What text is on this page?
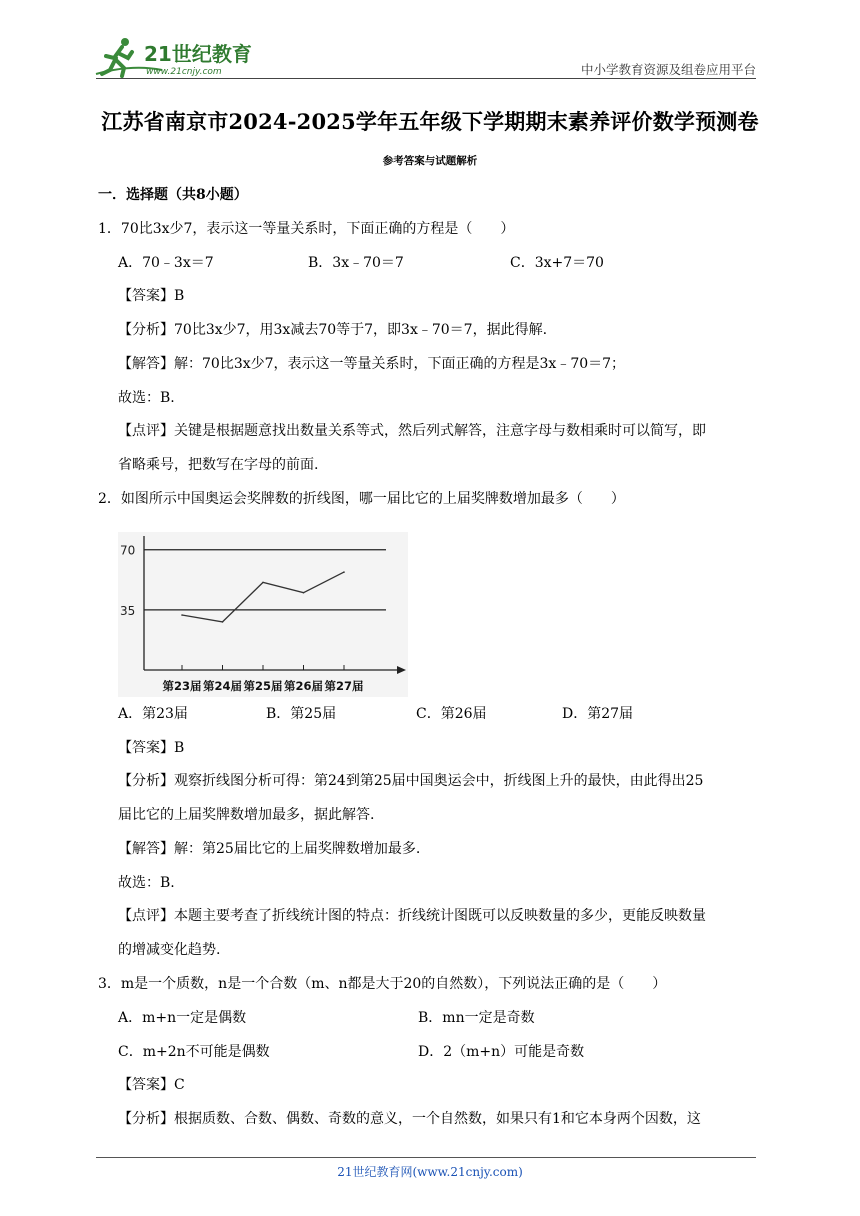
21世纪教育
www.21cnjy.com	中小学教育资源及组卷应用平台
江苏省南京市2024-2025学年五年级下学期期末素养评价数学预测卷
参考答案与试题解析
一．选择题（共8小题）
1．70比3x少7，表示这一等量关系时，下面正确的方程是（　　）
A．70﹣3x＝7	B．3x﹣70＝7	C．3x+7＝70
【答案】B
【分析】70比3x少7，用3x减去70等于7，即3x﹣70＝7，据此得解.
【解答】解：70比3x少7，表示这一等量关系时，下面正确的方程是3x﹣70＝7；
故选：B.
【点评】关键是根据题意找出数量关系等式，然后列式解答，注意字母与数相乘时可以简写，即
省略乘号，把数写在字母的前面.
2．如图所示中国奥运会奖牌数的折线图，哪一届比它的上届奖牌数增加最多（　　）
70
35
第23届 第24届 第25届 第26届 第27届
A．第23届	B．第25届	C．第26届	D．第27届
【答案】B
【分析】观察折线图分析可得：第24到第25届中国奥运会中，折线图上升的最快，由此得出25
届比它的上届奖牌数增加最多，据此解答.
【解答】解：第25届比它的上届奖牌数增加最多.
故选：B.
【点评】本题主要考查了折线统计图的特点：折线统计图既可以反映数量的多少，更能反映数量
的增减变化趋势.
3．m是一个质数，n是一个合数（m、n都是大于20的自然数），下列说法正确的是（　　）
A．m+n一定是偶数	B．mn一定是奇数
C．m+2n不可能是偶数	D．2（m+n）可能是奇数
【答案】C
【分析】根据质数、合数、偶数、奇数的意义，一个自然数，如果只有1和它本身两个因数，这
21世纪教育网(www.21cnjy.com)
